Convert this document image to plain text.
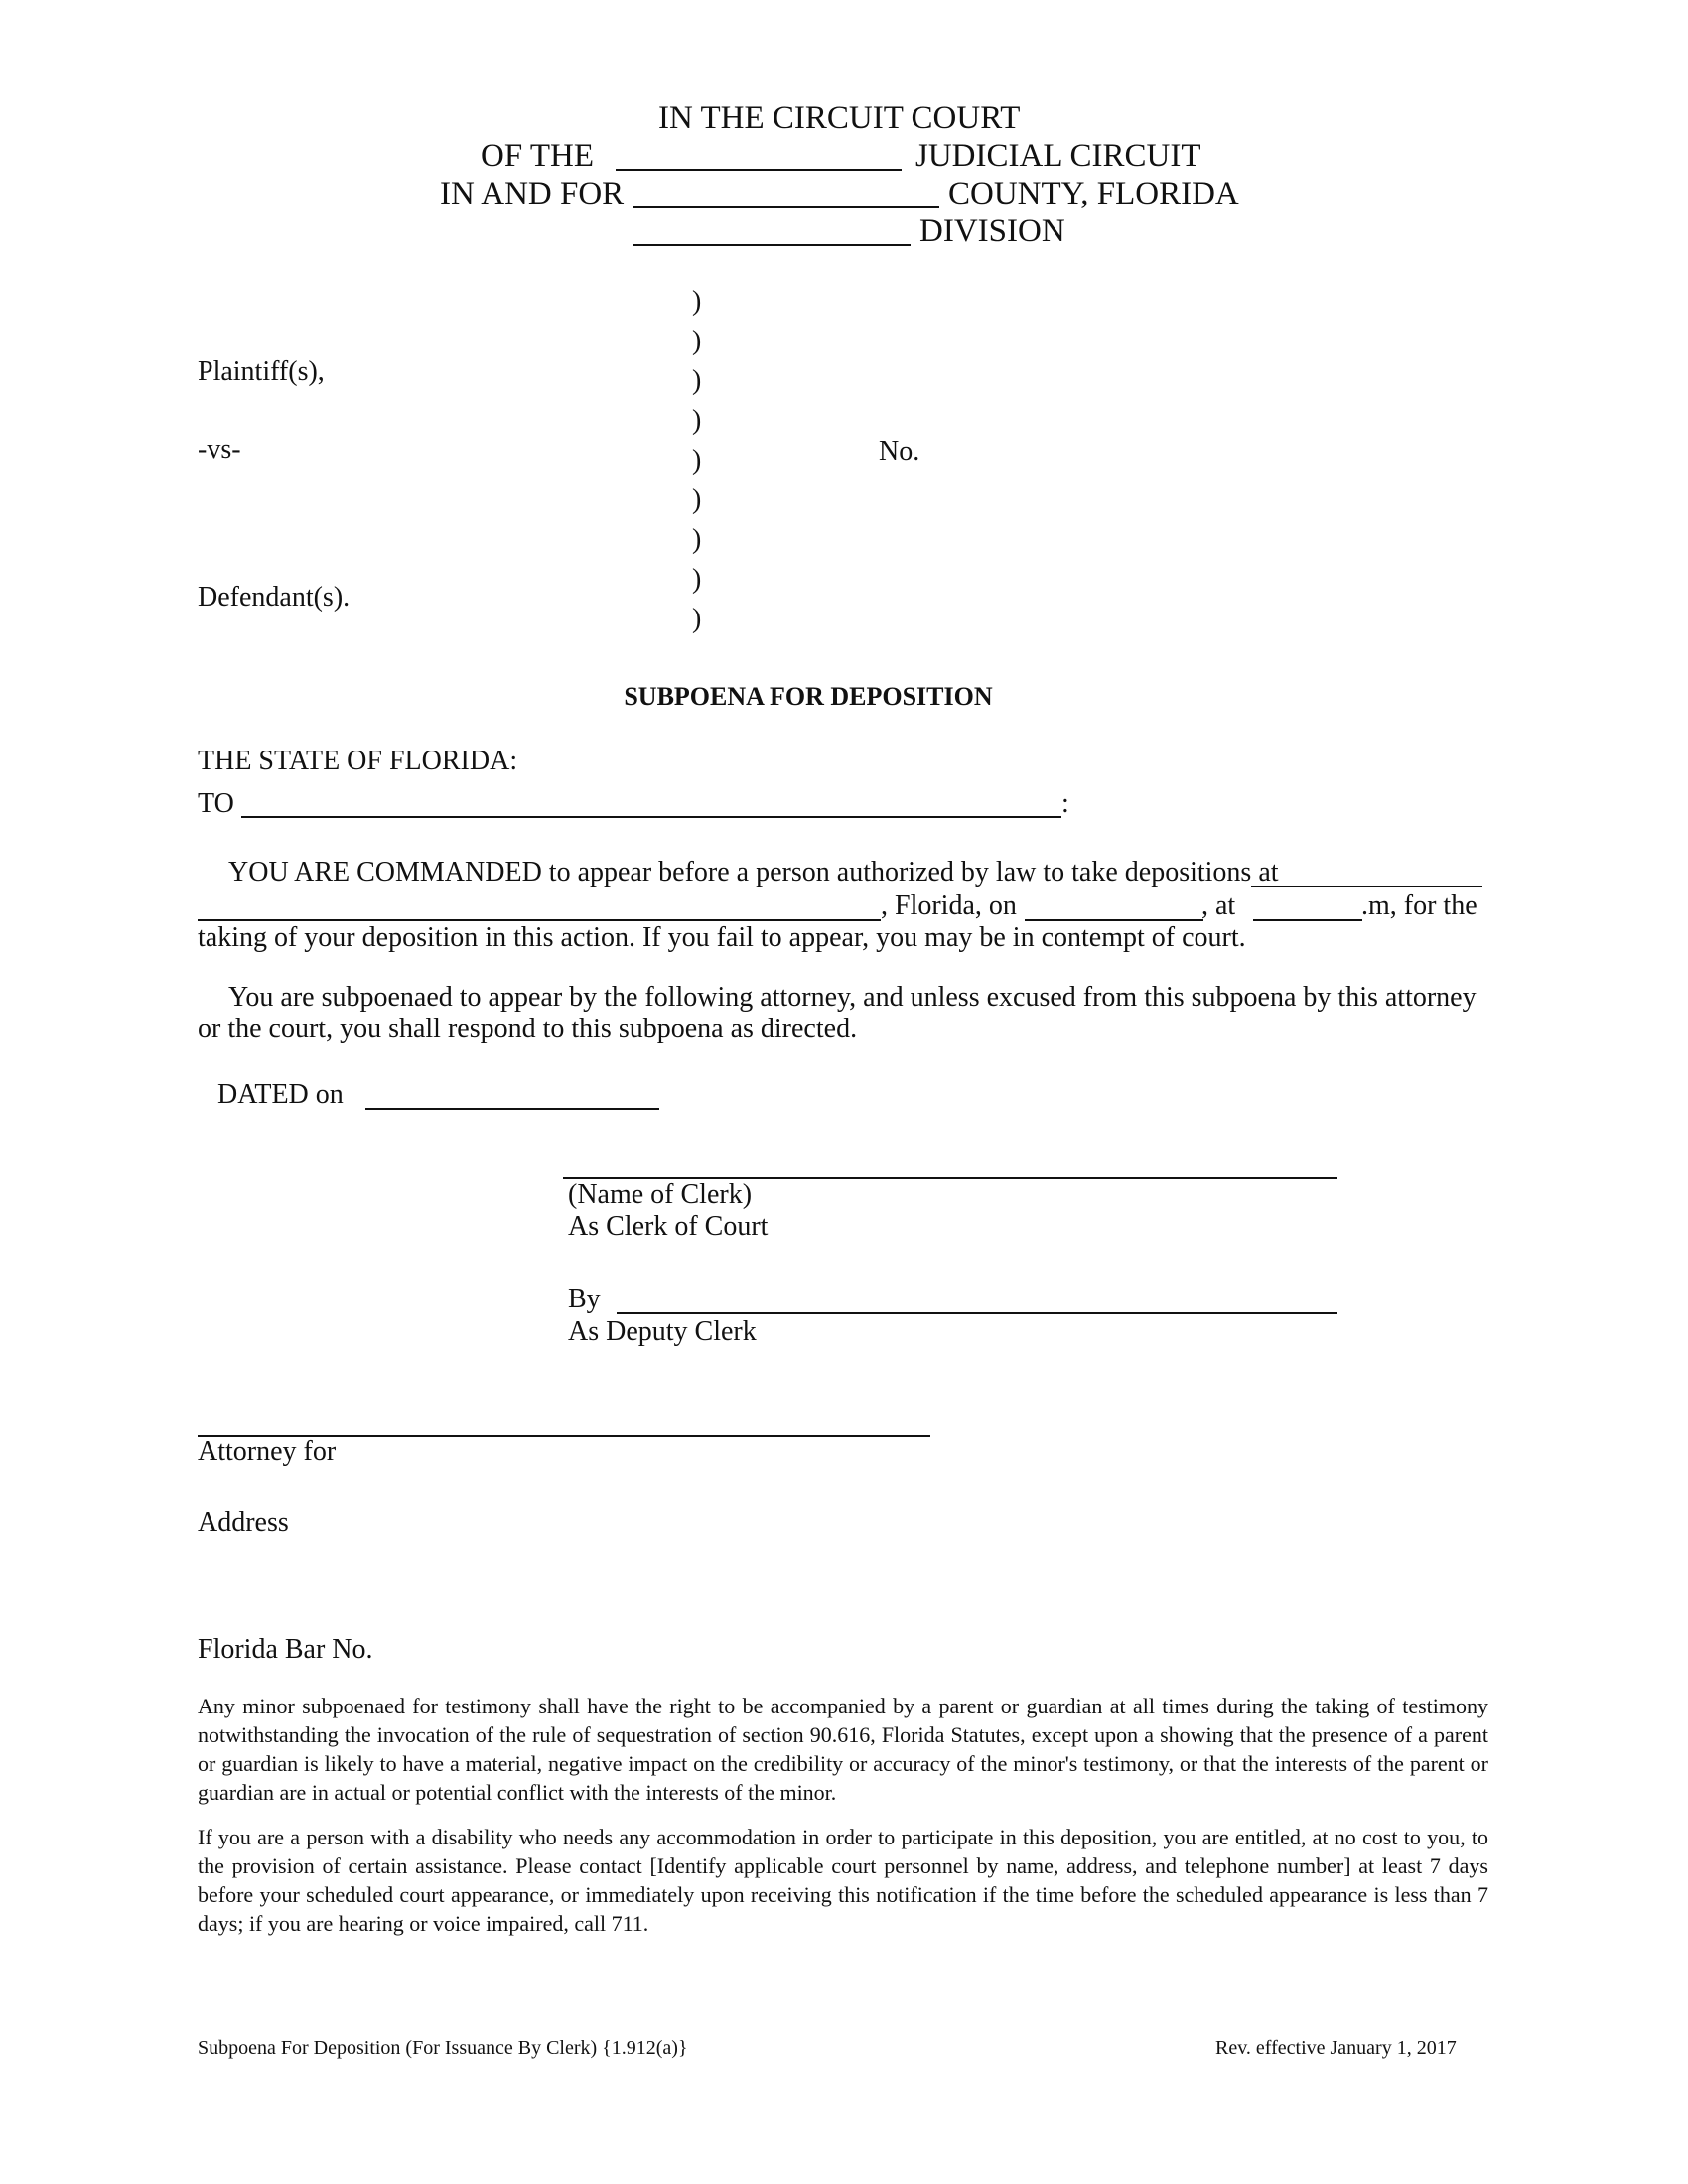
IN THE CIRCUIT COURT
OF THE	JUDICIAL CIRCUIT
IN AND FOR	COUNTY, FLORIDA
DIVISION
Plaintiff(s),
-vs-
Defendant(s).
)
)
)
)
)
)
)
)
)
No.
SUBPOENA FOR DEPOSITION
THE STATE OF FLORIDA:
TO	:
YOU ARE COMMANDED to appear before a person authorized by law to take depositions at
, Florida, on	, at	.m, for the
taking of your deposition in this action. If you fail to appear, you may be in contempt of court.
You are subpoenaed to appear by the following attorney, and unless excused from this subpoena by this attorney
or the court, you shall respond to this subpoena as directed.
DATED on
(Name of Clerk)
As Clerk of Court
By
As Deputy Clerk
Attorney for
Address
Florida Bar No.
Any minor subpoenaed for testimony shall have the right to be accompanied by a parent or guardian at all times during the taking of testimony notwithstanding the invocation of the rule of sequestration of section 90.616, Florida Statutes, except upon a showing that the presence of a parent or guardian is likely to have a material, negative impact on the credibility or accuracy of the minor's testimony, or that the interests of the parent or guardian are in actual or potential conflict with the interests of the minor.
If you are a person with a disability who needs any accommodation in order to participate in this deposition, you are entitled, at no cost to you, to the provision of certain assistance. Please contact [Identify applicable court personnel by name, address, and telephone number] at least 7 days before your scheduled court appearance, or immediately upon receiving this notification if the time before the scheduled appearance is less than 7 days; if you are hearing or voice impaired, call 711.
Subpoena For Deposition (For Issuance By Clerk) {1.912(a)}	Rev. effective January 1, 2017
